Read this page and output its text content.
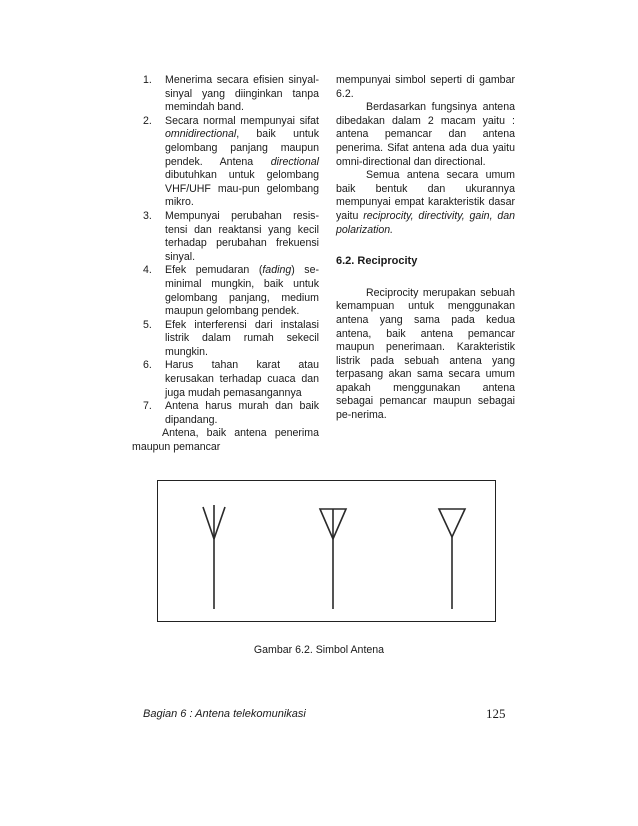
1. Menerima secara efisien sinyal-sinyal yang diinginkan tanpa memindah band.
2. Secara normal mempunyai sifat omnidirectional, baik untuk gelombang panjang maupun pendek. Antena directional dibutuhkan untuk gelombang VHF/UHF mau-pun gelombang mikro.
3. Mempunyai perubahan resis-tensi dan reaktansi yang kecil terhadap perubahan frekuensi sinyal.
4. Efek pemudaran (fading) se-minimal mungkin, baik untuk gelombang panjang, medium maupun gelombang pendek.
5. Efek interferensi dari instalasi listrik dalam rumah sekecil mungkin.
6. Harus tahan karat atau kerusakan terhadap cuaca dan juga mudah pemasangannya
7. Antena harus murah dan baik dipandang.

Antena, baik antena penerima maupun pemancar

mempunyai simbol seperti di gambar 6.2.

Berdasarkan fungsinya antena dibedakan dalam 2 macam yaitu : antena pemancar dan antena penerima. Sifat antena ada dua yaitu omni-directional dan directional.

Semua antena secara umum baik bentuk dan ukurannya mempunyai empat karakteristik dasar yaitu reciprocity, directivity, gain, dan polarization.

6.2. Reciprocity

Reciprocity merupakan sebuah kemampuan untuk menggunakan antena yang sama pada kedua antena, baik antena pemancar maupun penerimaan. Karakteristik listrik pada sebuah antena yang terpasang akan sama secara umum apakah menggunakan antena sebagai pemancar maupun sebagai pe-nerima.

Gambar 6.2. Simbol Antena
Bagian 6 : Antena telekomunikasi	125
